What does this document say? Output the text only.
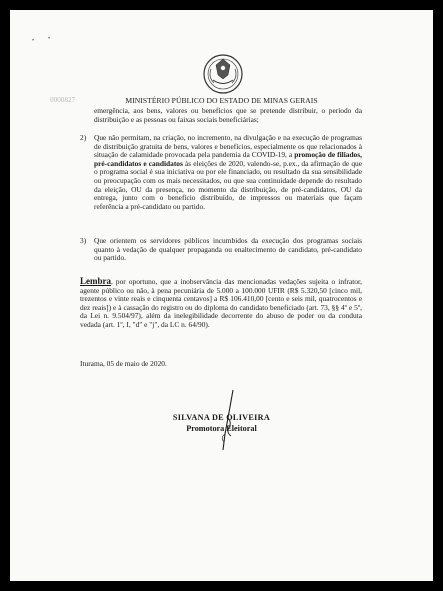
• •
0000827	MINISTÉRIO PÚBLICO DO ESTADO DE MINAS GERAIS
emergência, aos bens, valores ou benefícios que se pretende distribuir, o período da distribuição e as pessoas ou faixas sociais beneficiárias;
2) Que não permitam, na criação, no incremento, na divulgação e na execução de programas de distribuição gratuita de bens, valores e benefícios, especialmente os que relacionados à situação de calamidade provocada pela pandemia da COVID-19, a promoção de filiados, pré-candidatos e candidatos às eleições de 2020, valendo-se, p.ex., da afirmação de que o programa social é sua iniciativa ou por ele financiado, ou resultado da sua sensibilidade ou preocupação com os mais necessitados, ou que sua continuidade depende do resultado da eleição, OU da presença, no momento da distribuição, de pré-candidatos, OU da entrega, junto com o benefício distribuído, de impressos ou materiais que façam referência a pré-candidato ou partido.
3) Que orientem os servidores públicos incumbidos da execução dos programas sociais quanto à vedação de qualquer propaganda ou enaltecimento de candidato, pré-candidato ou partido.
Lembra, por oportuno, que a inobservância das mencionadas vedações sujeita o infrator, agente público ou não, à pena pecuniária de 5.000 a 100.000 UFIR (R$ 5.320,50 [cinco mil, trezentos e vinte reais e cinquenta centavos] a R$ 106.410,00 [cento e seis mil, quatrocentos e dez reais]) e à cassação do registro ou do diploma do candidato beneficiado (art. 73, §§ 4º e 5º, da Lei n. 9.504/97), além da inelegibilidade decorrente do abuso de poder ou da conduta vedada (art. 1º, I, "d" e "j", da LC n. 64/90).
Iturama, 05 de maio de 2020.
SILVANA DE OLIVEIRA
Promotora Eleitoral
